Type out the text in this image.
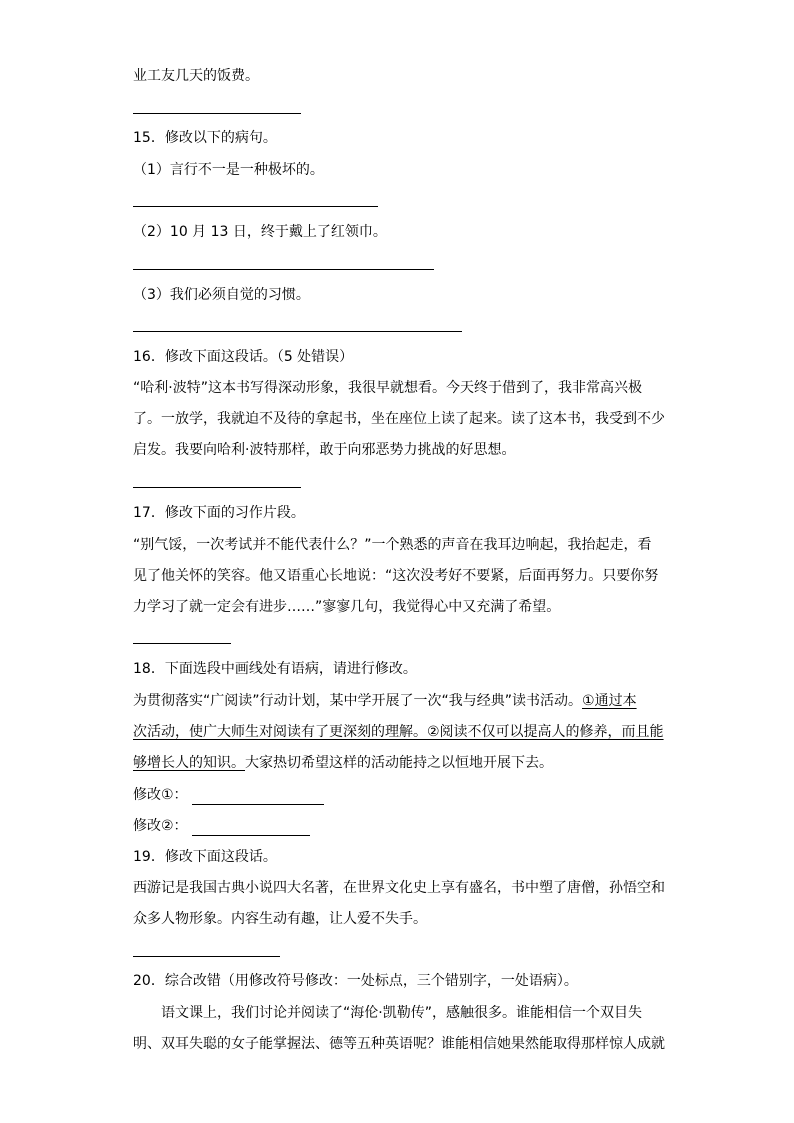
业工友几天的饭费。
15．修改以下的病句。
（1）言行不一是一种极坏的。
（2）10 月 13 日，终于戴上了红领巾。
（3）我们必须自觉的习惯。
16．修改下面这段话。（5 处错误）
“哈利·波特”这本书写得深动形象，我很早就想看。今天终于借到了，我非常高兴极
了。一放学，我就迫不及待的拿起书，坐在座位上读了起来。读了这本书，我受到不少
启发。我要向哈利·波特那样，敢于向邪恶势力挑战的好思想。
17．修改下面的习作片段。
“别气馁，一次考试并不能代表什么？”一个熟悉的声音在我耳边响起，我抬起走，看
见了他关怀的笑容。他又语重心长地说：“这次没考好不要紧，后面再努力。只要你努
力学习了就一定会有进步……”寥寥几句，我觉得心中又充满了希望。
18．下面选段中画线处有语病，请进行修改。
为贯彻落实“广阅读”行动计划，某中学开展了一次“我与经典”读书活动。①通过本
次活动，使广大师生对阅读有了更深刻的理解。②阅读不仅可以提高人的修养，而且能
够增长人的知识。大家热切希望这样的活动能持之以恒地开展下去。
修改①：
修改②：
19．修改下面这段话。
西游记是我国古典小说四大名著，在世界文化史上享有盛名，书中塑了唐僧，孙悟空和
众多人物形象。内容生动有趣，让人爱不失手。
20．综合改错（用修改符号修改：一处标点，三个错别字，一处语病）。
语文课上，我们讨论并阅读了“海伦·凯勒传”，感触很多。谁能相信一个双目失
明、双耳失聪的女子能掌握法、德等五种英语呢？谁能相信她果然能取得那样惊人成就
